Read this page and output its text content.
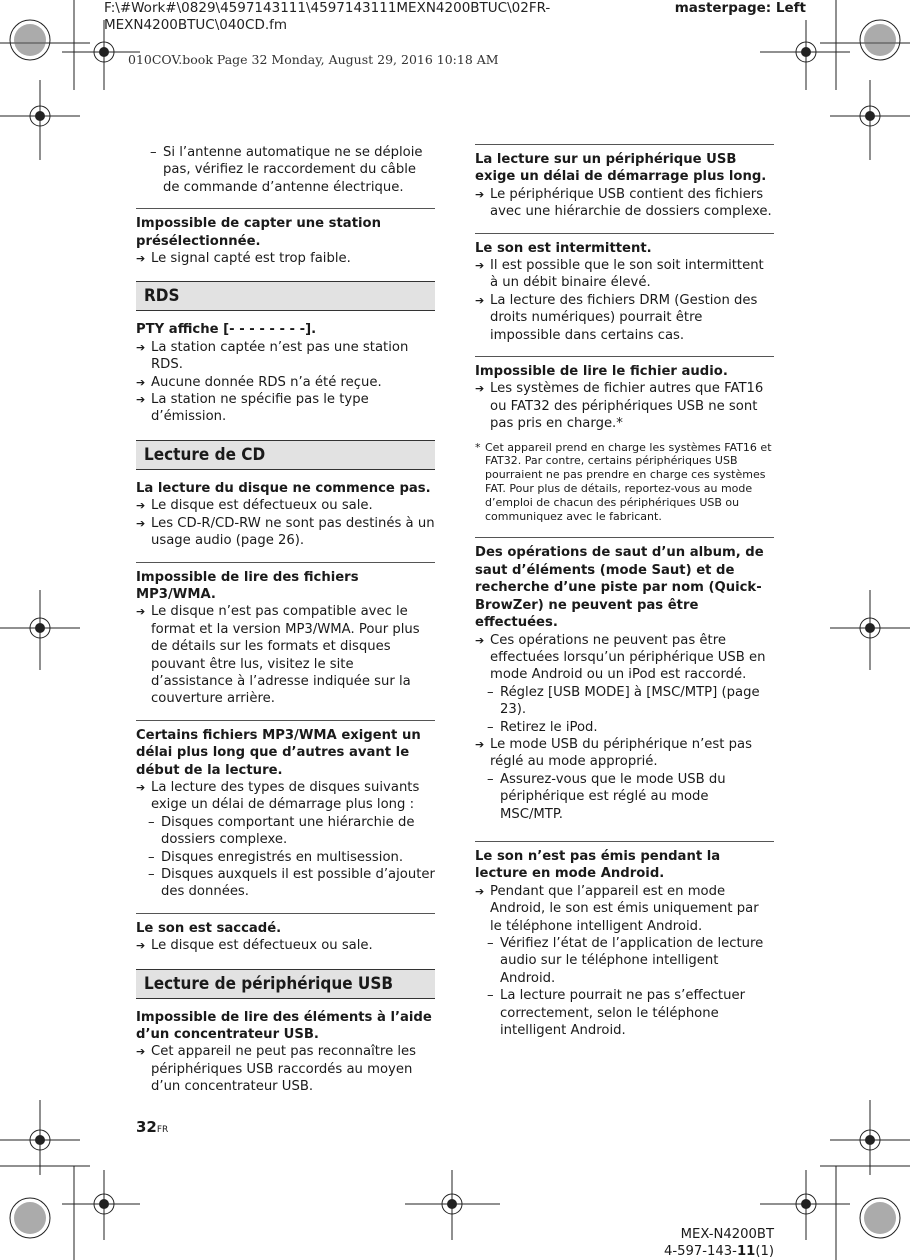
F:\#Work#\0829\4597143111\4597143111MEXN4200BTUC\02FR-
MEXN4200BTUC\040CD.fm
masterpage: Left
010COV.book Page 32 Monday, August 29, 2016 10:18 AM
– Si l’antenne automatique ne se déploie pas, vérifiez le raccordement du câble de commande d’antenne électrique.
Impossible de capter une station présélectionnée.
➔ Le signal capté est trop faible.
RDS
PTY affiche [- - - - - - - -].
➔ La station captée n’est pas une station RDS.
➔ Aucune donnée RDS n’a été reçue.
➔ La station ne spécifie pas le type d’émission.
Lecture de CD
La lecture du disque ne commence pas.
➔ Le disque est défectueux ou sale.
➔ Les CD-R/CD-RW ne sont pas destinés à un usage audio (page 26).
Impossible de lire des fichiers MP3/WMA.
➔ Le disque n’est pas compatible avec le format et la version MP3/WMA. Pour plus de détails sur les formats et disques pouvant être lus, visitez le site d’assistance à l’adresse indiquée sur la couverture arrière.
Certains fichiers MP3/WMA exigent un délai plus long que d’autres avant le début de la lecture.
➔ La lecture des types de disques suivants exige un délai de démarrage plus long :
– Disques comportant une hiérarchie de dossiers complexe.
– Disques enregistrés en multisession.
– Disques auxquels il est possible d’ajouter des données.
Le son est saccadé.
➔ Le disque est défectueux ou sale.
Lecture de périphérique USB
Impossible de lire des éléments à l’aide d’un concentrateur USB.
➔ Cet appareil ne peut pas reconnaître les périphériques USB raccordés au moyen d’un concentrateur USB.
La lecture sur un périphérique USB exige un délai de démarrage plus long.
➔ Le périphérique USB contient des fichiers avec une hiérarchie de dossiers complexe.
Le son est intermittent.
➔ Il est possible que le son soit intermittent à un débit binaire élevé.
➔ La lecture des fichiers DRM (Gestion des droits numériques) pourrait être impossible dans certains cas.
Impossible de lire le fichier audio.
➔ Les systèmes de fichier autres que FAT16 ou FAT32 des périphériques USB ne sont pas pris en charge.*
* Cet appareil prend en charge les systèmes FAT16 et FAT32. Par contre, certains périphériques USB pourraient ne pas prendre en charge ces systèmes FAT. Pour plus de détails, reportez-vous au mode d’emploi de chacun des périphériques USB ou communiquez avec le fabricant.
Des opérations de saut d’un album, de saut d’éléments (mode Saut) et de recherche d’une piste par nom (Quick-BrowZer) ne peuvent pas être effectuées.
➔ Ces opérations ne peuvent pas être effectuées lorsqu’un périphérique USB en mode Android ou un iPod est raccordé.
– Réglez [USB MODE] à [MSC/MTP] (page 23).
– Retirez le iPod.
➔ Le mode USB du périphérique n’est pas réglé au mode approprié.
– Assurez-vous que le mode USB du périphérique est réglé au mode MSC/MTP.
Le son n’est pas émis pendant la lecture en mode Android.
➔ Pendant que l’appareil est en mode Android, le son est émis uniquement par le téléphone intelligent Android.
– Vérifiez l’état de l’application de lecture audio sur le téléphone intelligent Android.
– La lecture pourrait ne pas s’effectuer correctement, selon le téléphone intelligent Android.
32FR
MEX-N4200BT
4-597-143-11(1)
